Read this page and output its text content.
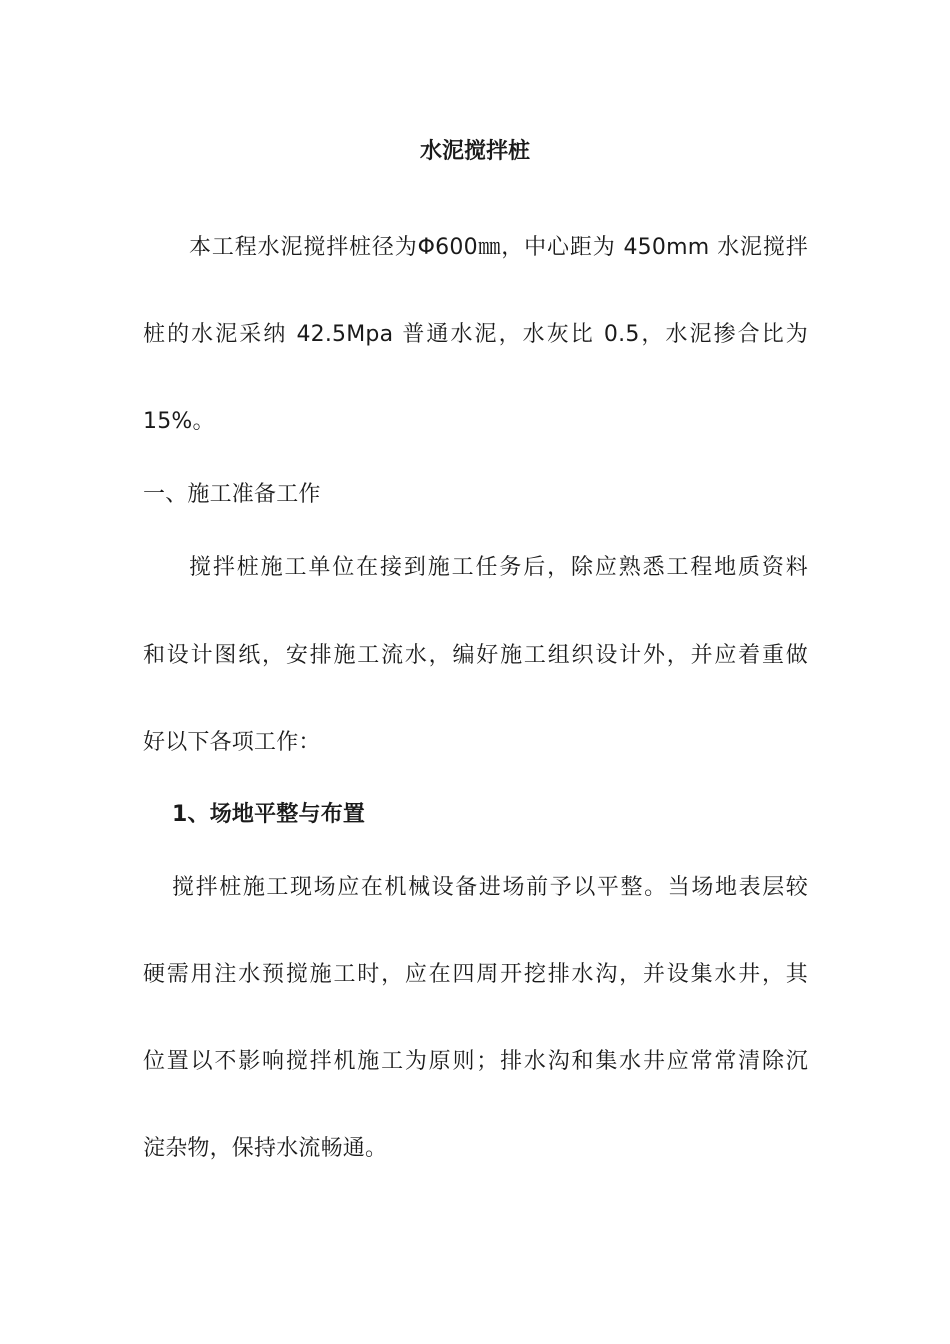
水泥搅拌桩

本工程水泥搅拌桩径为Φ600㎜，中心距为 450mm 水泥搅拌

桩的水泥采纳 42.5Mpa 普通水泥，水灰比 0.5，水泥掺合比为

15%。

一、施工准备工作

搅拌桩施工单位在接到施工任务后，除应熟悉工程地质资料

和设计图纸，安排施工流水，编好施工组织设计外，并应着重做

好以下各项工作：

1、场地平整与布置

搅拌桩施工现场应在机械设备进场前予以平整。当场地表层较

硬需用注水预搅施工时，应在四周开挖排水沟，并设集水井，其

位置以不影响搅拌机施工为原则；排水沟和集水井应常常清除沉

淀杂物，保持水流畅通。
